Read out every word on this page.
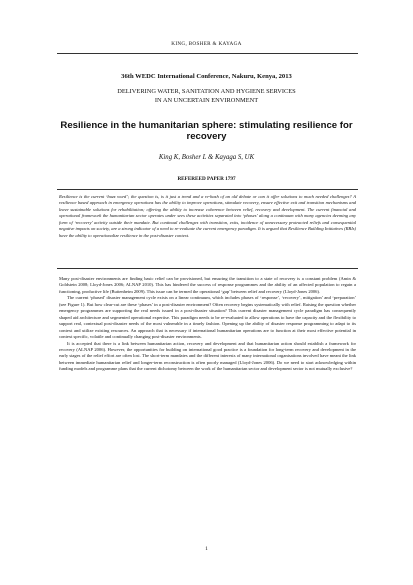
KING, BOSHER & KAYAGA
36th WEDC International Conference, Nakuru, Kenya, 2013
DELIVERING WATER, SANITATION AND HYGIENE SERVICES
IN AN UNCERTAIN ENVIRONMENT
Resilience in the humanitarian sphere: stimulating resilience for recovery
King K, Bosher L & Kayaga S, UK
REFEREED PAPER 1797

Resilience is the current ‘buzz word’; the question is, is it just a trend and a re-hash of an old debate or can it offer solutions to much needed challenges? A resilience based approach in emergency operations has the ability to improve operations, stimulate recovery, ensure effective exit and transition mechanisms and leave sustainable solutions for rehabilitation; offering the ability to increase coherence between relief, recovery and development. The current financial and operational framework the humanitarian sector operates under sees these activities separated into ‘phases’ along a continuum with many agencies deeming any form of ‘recovery’ activity outside their mandate. But continual challenges with transition, exits, incidence of unnecessary protracted reliefs and consequential negative impacts on society, are a strong indicator of a need to re-evaluate the current emergency paradigm. It is argued that Resilience Building Initiatives (RBIs) have the ability to operationalize resilience in the post-disaster context.

Many post-disaster environments are finding basic relief can be provisioned, but ensuring the transition to a state of recovery is a constant problem (Amin & Goldstein 2008; Lloyd-Jones 2006; ALNAP 2010). This has hindered the success of response programmes and the ability of an affected population to regain a functioning, productive life (Buttenheim 2009). This issue can be termed the operational ‘gap’ between relief and recovery (Lloyd-Jones 2006).

The current ‘phased’ disaster management cycle exists on a linear continuum, which includes phases of ‘response’, ‘recovery’, mitigation’ and ‘preparation’ (see Figure 1). But how clear-cut are these ‘phases’ in a post-disaster environment? Often recovery begins systematically with relief. Raising the question whether emergency programmes are supporting the real needs issued in a post-disaster situation? This current disaster management cycle paradigm has consequently shaped aid architecture and segmented operational expertise. This paradigm needs to be re-evaluated to allow operations to have the capacity and the flexibility to support real, contextual post-disaster needs of the most vulnerable in a timely fashion. Opening up the ability of disaster response programming to adapt to its context and utilize existing resources. An approach that is necessary if international humanitarian operations are to function at their most effective potential in context specific, volatile and continually changing post-disaster environments.

It is accepted that there is a link between humanitarian action, recovery and development and that humanitarian action should establish a framework for recovery (ALNAP 2006). However, the opportunities for building on international good practice is a foundation for long-term recovery and development in the early stages of the relief effort are often lost. The short-term mandates and the different interests of many international organisations involved have meant the link between immediate humanitarian relief and longer-term reconstruction is often poorly managed (Lloyd-Jones 2006). Do we need to start acknowledging within funding models and programme plans that the current dichotomy between the work of the humanitarian sector and development sector is not mutually exclusive?

1
